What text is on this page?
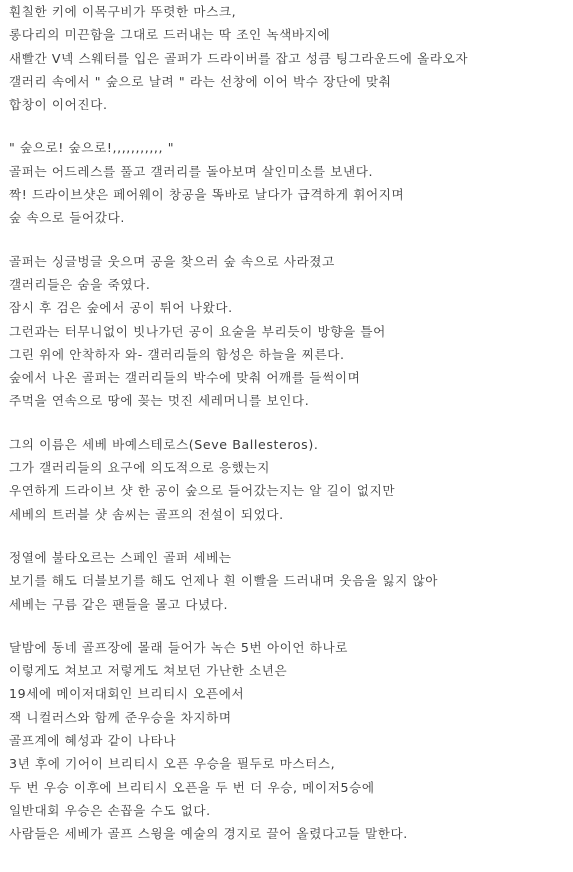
훤칠한 키에 이목구비가 뚜렷한 마스크,
롱다리의 미끈함을 그대로 드러내는 딱 조인 녹색바지에
새빨간 V넥 스웨터를 입은 골퍼가 드라이버를 잡고 성큼 팅그라운드에 올라오자
갤러리 속에서 " 숲으로 날려 " 라는 선창에 이어 박수 장단에 맞춰
합창이 이어진다.
" 숲으로! 숲으로!,,,,,,,,,,, "
골퍼는 어드레스를 풀고 갤러리를 돌아보며 살인미소를 보낸다.
짝! 드라이브샷은 페어웨이 창공을 똑바로 날다가 급격하게 휘어지며
숲 속으로 들어갔다.
골퍼는 싱글벙글 웃으며 공을 찾으러 숲 속으로 사라졌고
갤러리들은 숨을 죽였다.
잠시 후 검은 숲에서 공이 튀어 나왔다.
그런과는 터무니없이 빗나가던 공이 요술을 부리듯이 방향을 틀어
그린 위에 안착하자 와- 갤러리들의 함성은 하늘을 찌른다.
숲에서 나온 골퍼는 갤러리들의 박수에 맞춰 어깨를 들썩이며
주먹을 연속으로 땅에 꽂는 멋진 세레머니를 보인다.
그의 이름은 세베 바예스테로스(Seve Ballesteros).
그가 갤러리들의 요구에 의도적으로 응했는지
우연하게 드라이브 샷 한 공이 숲으로 들어갔는지는 알 길이 없지만
세베의 트러블 샷 솜씨는 골프의 전설이 되었다.
정열에 불타오르는 스페인 골퍼 세베는
보기를 해도 더블보기를 해도 언제나 흰 이빨을 드러내며 웃음을 잃지 않아
세베는 구름 같은 팬들을 몰고 다녔다.
달밤에 동네 골프장에 몰래 들어가 녹슨 5번 아이언 하나로
이렇게도 쳐보고 저렇게도 쳐보던 가난한 소년은
19세에 메이저대회인 브리티시 오픈에서
잭 니컬러스와 함께 준우승을 차지하며
골프계에 혜성과 같이 나타나
3년 후에 기어이 브리티시 오픈 우승을 필두로 마스터스,
두 번 우승 이후에 브리티시 오픈을 두 번 더 우승, 메이저5승에
일반대회 우승은 손꼽을 수도 없다.
사람들은 세베가 골프 스윙을 예술의 경지로 끌어 올렸다고들 말한다.
